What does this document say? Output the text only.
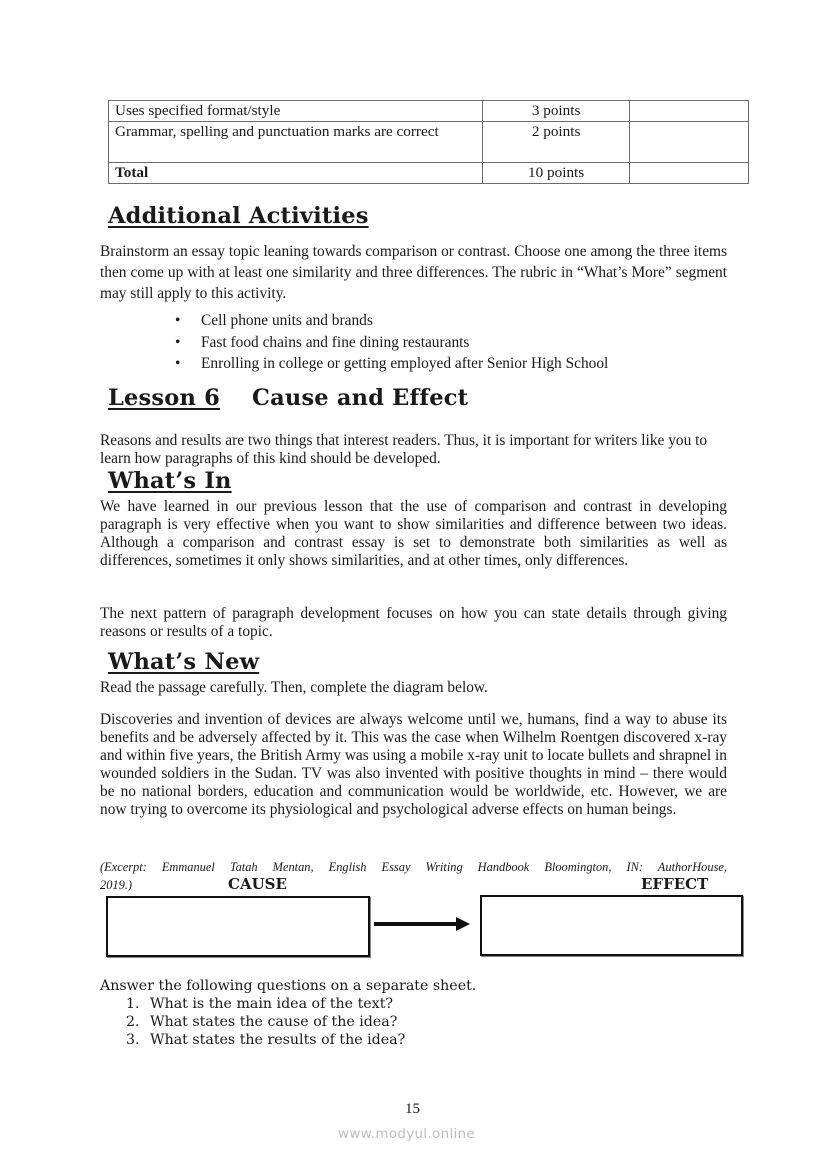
Uses specified format/style	3 points	
Grammar, spelling and punctuation marks are correct	2 points	
Total	10 points	
Additional Activities
Brainstorm an essay topic leaning towards comparison or contrast. Choose one among the three items then come up with at least one similarity and three differences. The rubric in “What’s More” segment may still apply to this activity.
• Cell phone units and brands
• Fast food chains and fine dining restaurants
• Enrolling in college or getting employed after Senior High School
Lesson 6 Cause and Effect
Reasons and results are two things that interest readers. Thus, it is important for writers like you to learn how paragraphs of this kind should be developed.
What’s In
We have learned in our previous lesson that the use of comparison and contrast in developing paragraph is very effective when you want to show similarities and difference between two ideas. Although a comparison and contrast essay is set to demonstrate both similarities as well as differences, sometimes it only shows similarities, and at other times, only differences.
The next pattern of paragraph development focuses on how you can state details through giving reasons or results of a topic.
What’s New
Read the passage carefully. Then, complete the diagram below.
Discoveries and invention of devices are always welcome until we, humans, find a way to abuse its benefits and be adversely affected by it. This was the case when Wilhelm Roentgen discovered x-ray and within five years, the British Army was using a mobile x-ray unit to locate bullets and shrapnel in wounded soldiers in the Sudan. TV was also invented with positive thoughts in mind – there would be no national borders, education and communication would be worldwide, etc. However, we are now trying to overcome its physiological and psychological adverse effects on human beings.
(Excerpt: Emmanuel Tatah Mentan, English Essay Writing Handbook Bloomington, IN: AuthorHouse,
2019.)	CAUSE	EFFECT
Answer the following questions on a separate sheet.
1. What is the main idea of the text?
2. What states the cause of the idea?
3. What states the results of the idea?
15
www.modyul.online
